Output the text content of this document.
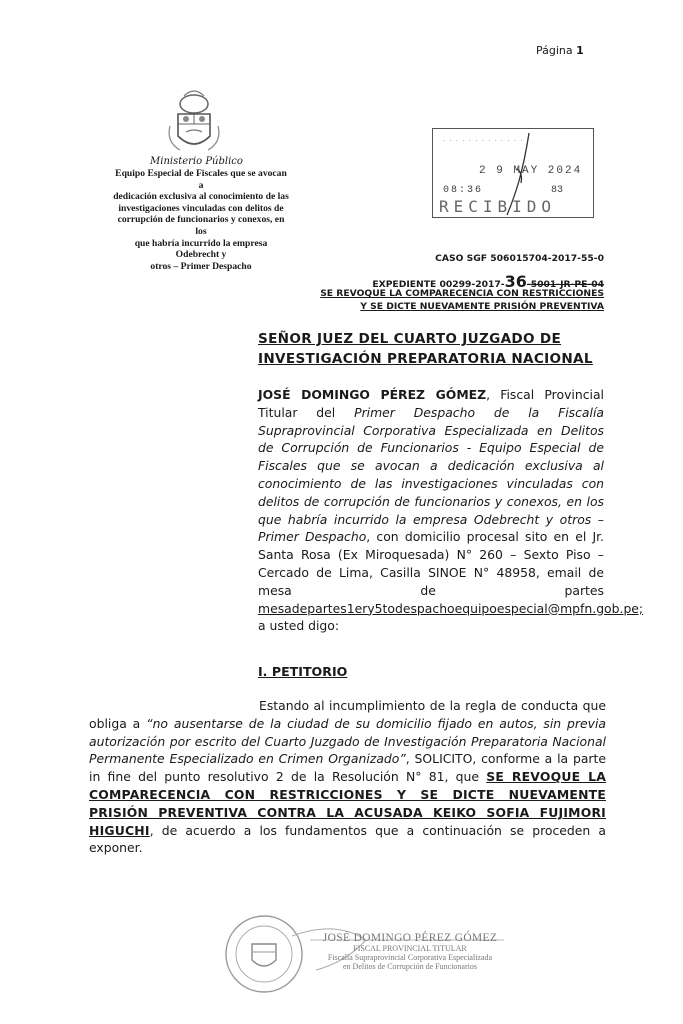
Página 1
Ministerio Público
Equipo Especial de Fiscales que se avocan a
dedicación exclusiva al conocimiento de las
investigaciones vinculadas con delitos de
corrupción de funcionarios y conexos, en los
que habría incurrido la empresa Odebrecht y
otros – Primer Despacho
· · · · · · · · · · · · ·
2 9 MAY 2024
08:36	83
RECIBIDO
CASO SGF 506015704-2017-55-0
EXPEDIENTE 00299-2017-36-5001-JR-PE-04
SE REVOQUE LA COMPARECENCIA CON RESTRICCIONES
Y SE DICTE NUEVAMENTE PRISIÓN PREVENTIVA
SEÑOR JUEZ DEL CUARTO JUZGADO DE INVESTIGACIÓN PREPARATORIA NACIONAL
JOSÉ DOMINGO PÉREZ GÓMEZ, Fiscal Provincial Titular del Primer Despacho de la Fiscalía Supraprovincial Corporativa Especializada en Delitos de Corrupción de Funcionarios - Equipo Especial de Fiscales que se avocan a dedicación exclusiva al conocimiento de las investigaciones vinculadas con delitos de corrupción de funcionarios y conexos, en los que habría incurrido la empresa Odebrecht y otros – Primer Despacho, con domicilio procesal sito en el Jr. Santa Rosa (Ex Miroquesada) N° 260 – Sexto Piso – Cercado de Lima, Casilla SINOE N° 48958, email de mesa de partes mesadepartes1ery5todespachoequipoespecial@mpfn.gob.pe; a usted digo:
I. PETITORIO
Estando al incumplimiento de la regla de conducta que obliga a “no ausentarse de la ciudad de su domicilio fijado en autos, sin previa autorización por escrito del Cuarto Juzgado de Investigación Preparatoria Nacional Permanente Especializado en Crimen Organizado”, SOLICITO, conforme a la parte in fine del punto resolutivo 2 de la Resolución N° 81, que SE REVOQUE LA COMPARECENCIA CON RESTRICCIONES Y SE DICTE NUEVAMENTE PRISIÓN PREVENTIVA CONTRA LA ACUSADA KEIKO SOFIA FUJIMORI HIGUCHI, de acuerdo a los fundamentos que a continuación se proceden a exponer.
JOSÉ DOMINGO PÉREZ GÓMEZ
FISCAL PROVINCIAL TITULAR
Fiscalía Supraprovincial Corporativa Especializada
en Delitos de Corrupción de Funcionarios
